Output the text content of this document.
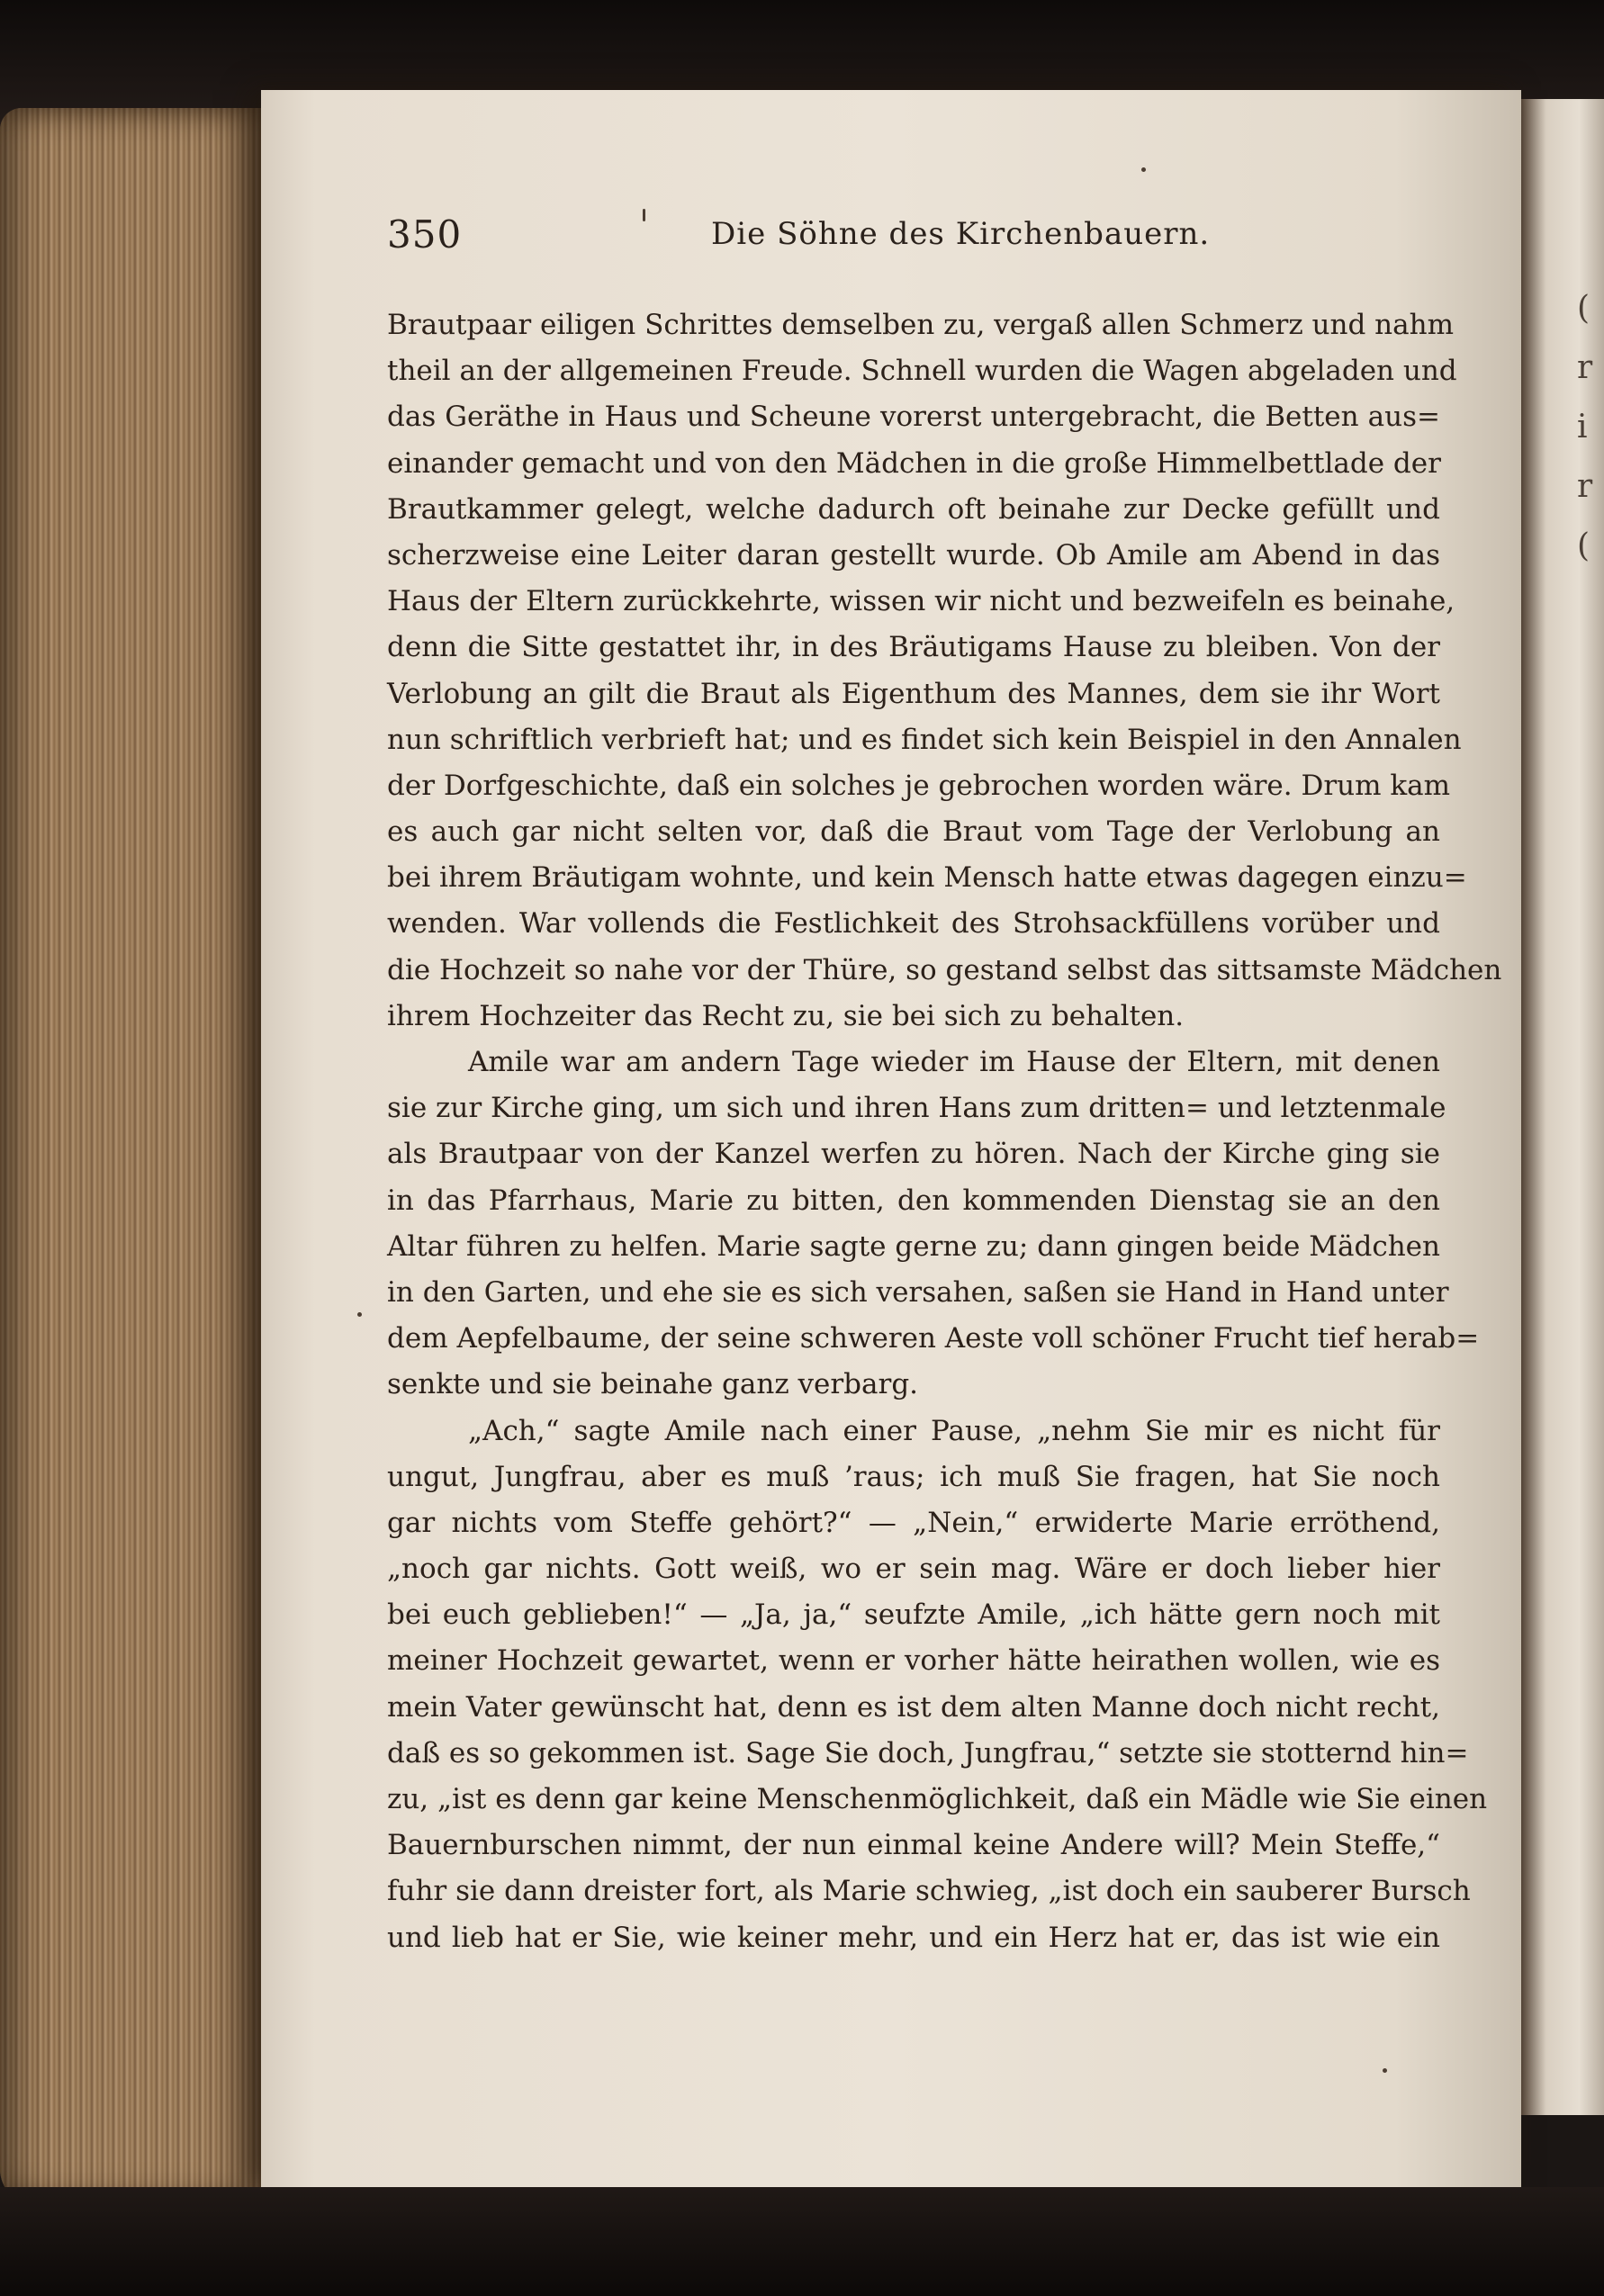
(
r
i
r
(
350	Die Söhne des Kirchenbauern.
Brautpaar eiligen Schrittes demselben zu, vergaß allen Schmerz und nahm
theil an der allgemeinen Freude. Schnell wurden die Wagen abgeladen und
das Geräthe in Haus und Scheune vorerst untergebracht, die Betten aus=
einander gemacht und von den Mädchen in die große Himmelbettlade der
Brautkammer gelegt, welche dadurch oft beinahe zur Decke gefüllt und
scherzweise eine Leiter daran gestellt wurde. Ob Amile am Abend in das
Haus der Eltern zurückkehrte, wissen wir nicht und bezweifeln es beinahe,
denn die Sitte gestattet ihr, in des Bräutigams Hause zu bleiben. Von der
Verlobung an gilt die Braut als Eigenthum des Mannes, dem sie ihr Wort
nun schriftlich verbrieft hat; und es findet sich kein Beispiel in den Annalen
der Dorfgeschichte, daß ein solches je gebrochen worden wäre. Drum kam
es auch gar nicht selten vor, daß die Braut vom Tage der Verlobung an
bei ihrem Bräutigam wohnte, und kein Mensch hatte etwas dagegen einzu=
wenden. War vollends die Festlichkeit des Strohsackfüllens vorüber und
die Hochzeit so nahe vor der Thüre, so gestand selbst das sittsamste Mädchen
ihrem Hochzeiter das Recht zu, sie bei sich zu behalten.
Amile war am andern Tage wieder im Hause der Eltern, mit denen
sie zur Kirche ging, um sich und ihren Hans zum dritten= und letztenmale
als Brautpaar von der Kanzel werfen zu hören. Nach der Kirche ging sie
in das Pfarrhaus, Marie zu bitten, den kommenden Dienstag sie an den
Altar führen zu helfen. Marie sagte gerne zu; dann gingen beide Mädchen
in den Garten, und ehe sie es sich versahen, saßen sie Hand in Hand unter
dem Aepfelbaume, der seine schweren Aeste voll schöner Frucht tief herab=
senkte und sie beinahe ganz verbarg.
„Ach,“ sagte Amile nach einer Pause, „nehm Sie mir es nicht für
ungut, Jungfrau, aber es muß ’raus; ich muß Sie fragen, hat Sie noch
gar nichts vom Steffe gehört?“ — „Nein,“ erwiderte Marie erröthend,
„noch gar nichts. Gott weiß, wo er sein mag. Wäre er doch lieber hier
bei euch geblieben!“ — „Ja, ja,“ seufzte Amile, „ich hätte gern noch mit
meiner Hochzeit gewartet, wenn er vorher hätte heirathen wollen, wie es
mein Vater gewünscht hat, denn es ist dem alten Manne doch nicht recht,
daß es so gekommen ist. Sage Sie doch, Jungfrau,“ setzte sie stotternd hin=
zu, „ist es denn gar keine Menschenmöglichkeit, daß ein Mädle wie Sie einen
Bauernburschen nimmt, der nun einmal keine Andere will? Mein Steffe,“
fuhr sie dann dreister fort, als Marie schwieg, „ist doch ein sauberer Bursch
und lieb hat er Sie, wie keiner mehr, und ein Herz hat er, das ist wie ein
